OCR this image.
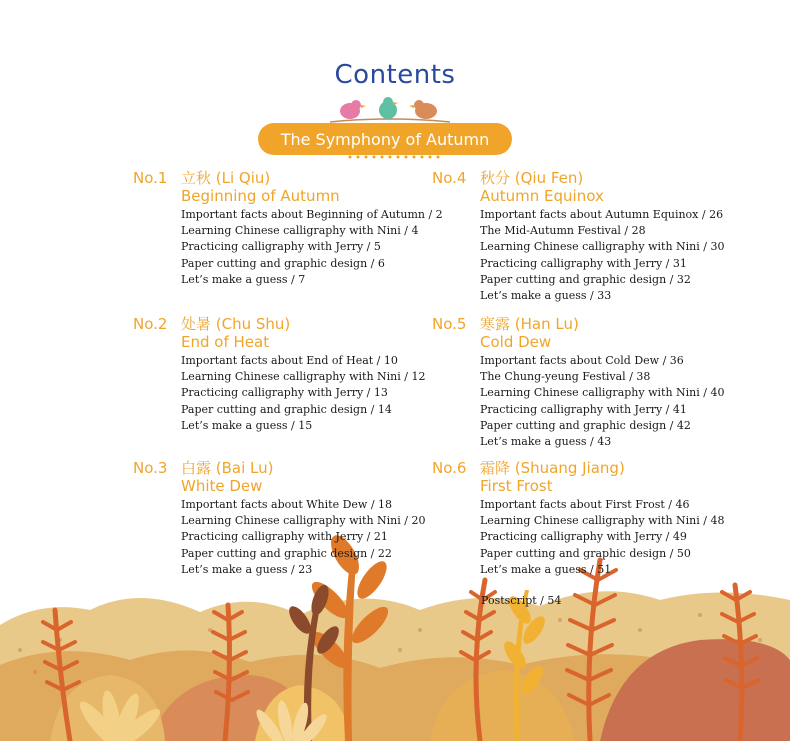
Contents
The Symphony of Autumn
No.1 立秋 (Li Qiu)
Beginning of Autumn
Important facts about Beginning of Autumn / 2
Learning Chinese calligraphy with Nini / 4
Practicing calligraphy with Jerry / 5
Paper cutting and graphic design / 6
Let’s make a guess / 7
No.2 处暑 (Chu Shu)
End of Heat
Important facts about End of Heat / 10
Learning Chinese calligraphy with Nini / 12
Practicing calligraphy with Jerry / 13
Paper cutting and graphic design / 14
Let’s make a guess / 15
No.3 白露 (Bai Lu)
White Dew
Important facts about White Dew / 18
Learning Chinese calligraphy with Nini / 20
Practicing calligraphy with Jerry / 21
Paper cutting and graphic design / 22
Let’s make a guess / 23
No.4 秋分 (Qiu Fen)
Autumn Equinox
Important facts about Autumn Equinox / 26
The Mid-Autumn Festival / 28
Learning Chinese calligraphy with Nini / 30
Practicing calligraphy with Jerry / 31
Paper cutting and graphic design / 32
Let’s make a guess / 33
No.5 寒露 (Han Lu)
Cold Dew
Important facts about Cold Dew / 36
The Chung-yeung Festival / 38
Learning Chinese calligraphy with Nini / 40
Practicing calligraphy with Jerry / 41
Paper cutting and graphic design / 42
Let’s make a guess / 43
No.6 霜降 (Shuang Jiang)
First Frost
Important facts about First Frost / 46
Learning Chinese calligraphy with Nini / 48
Practicing calligraphy with Jerry / 49
Paper cutting and graphic design / 50
Let’s make a guess / 51
Postscript / 54
